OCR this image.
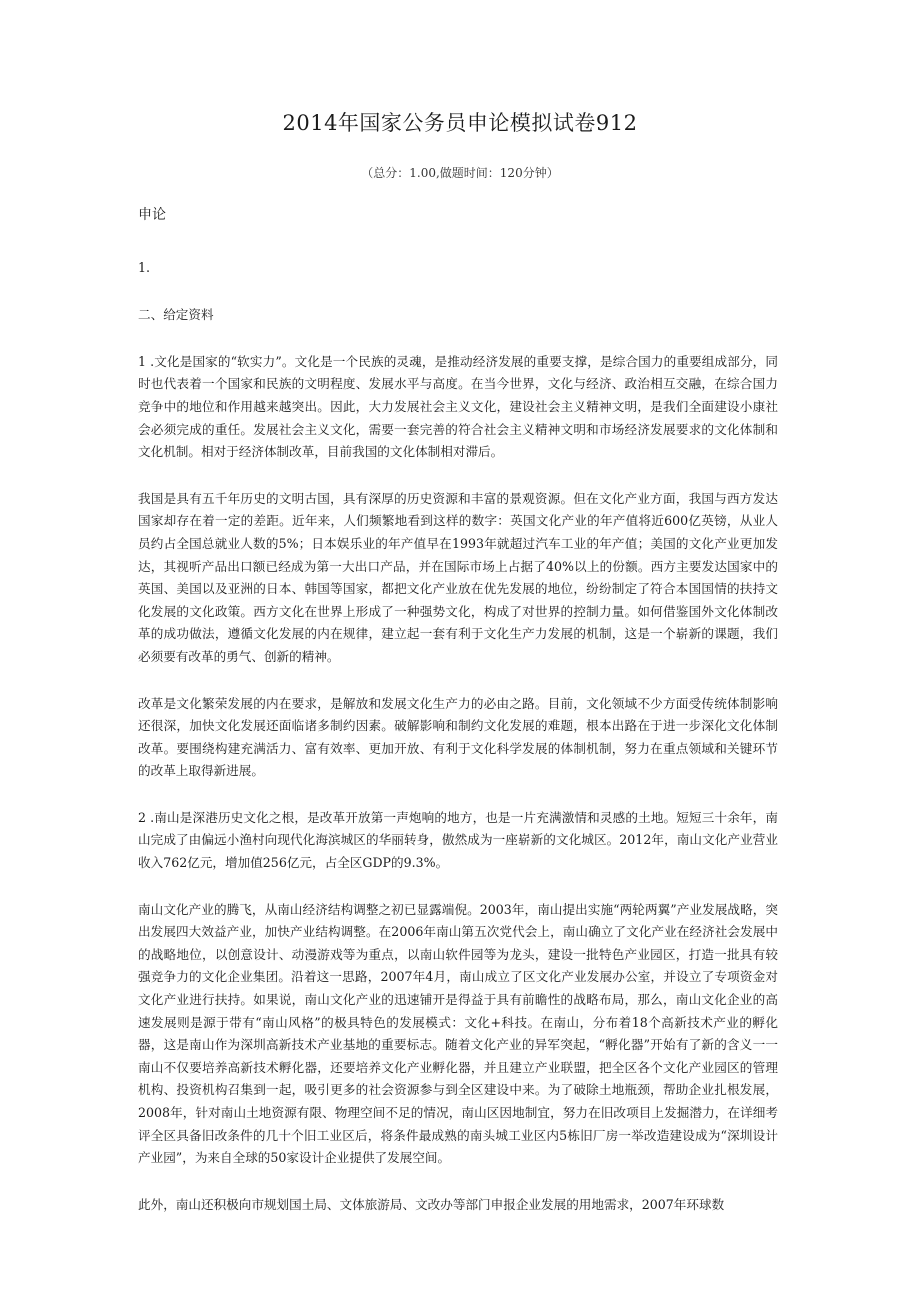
2014年国家公务员申论模拟试卷912
（总分：1.00,做题时间：120分钟）

申论

1.

二、给定资料

1 .文化是国家的“软实力”。文化是一个民族的灵魂，是推动经济发展的重要支撑，是综合国力的重要组成部分，同时也代表着一个国家和民族的文明程度、发展水平与高度。在当今世界，文化与经济、政治相互交融，在综合国力竞争中的地位和作用越来越突出。因此，大力发展社会主义文化，建设社会主义精神文明，是我们全面建设小康社会必须完成的重任。发展社会主义文化，需要一套完善的符合社会主义精神文明和市场经济发展要求的文化体制和文化机制。相对于经济体制改革，目前我国的文化体制相对滞后。

我国是具有五千年历史的文明古国，具有深厚的历史资源和丰富的景观资源。但在文化产业方面，我国与西方发达国家却存在着一定的差距。近年来，人们频繁地看到这样的数字：英国文化产业的年产值将近600亿英镑，从业人员约占全国总就业人数的5%；日本娱乐业的年产值早在1993年就超过汽车工业的年产值；美国的文化产业更加发达，其视听产品出口额已经成为第一大出口产品，并在国际市场上占据了40%以上的份额。西方主要发达国家中的英国、美国以及亚洲的日本、韩国等国家，都把文化产业放在优先发展的地位，纷纷制定了符合本国国情的扶持文化发展的文化政策。西方文化在世界上形成了一种强势文化，构成了对世界的控制力量。如何借鉴国外文化体制改革的成功做法，遵循文化发展的内在规律，建立起一套有利于文化生产力发展的机制，这是一个崭新的课题，我们必须要有改革的勇气、创新的精神。

改革是文化繁荣发展的内在要求，是解放和发展文化生产力的必由之路。目前，文化领域不少方面受传统体制影响还很深，加快文化发展还面临诸多制约因素。破解影响和制约文化发展的难题，根本出路在于进一步深化文化体制改革。要围绕构建充满活力、富有效率、更加开放、有利于文化科学发展的体制机制，努力在重点领域和关键环节的改革上取得新进展。

2 .南山是深港历史文化之根，是改革开放第一声炮响的地方，也是一片充满激情和灵感的土地。短短三十余年，南山完成了由偏远小渔村向现代化海滨城区的华丽转身，傲然成为一座崭新的文化城区。2012年，南山文化产业营业收入762亿元，增加值256亿元，占全区GDP的9.3%。

南山文化产业的腾飞，从南山经济结构调整之初已显露端倪。2003年，南山提出实施“两轮两翼”产业发展战略，突出发展四大效益产业，加快产业结构调整。在2006年南山第五次党代会上，南山确立了文化产业在经济社会发展中的战略地位，以创意设计、动漫游戏等为重点，以南山软件园等为龙头，建设一批特色产业园区，打造一批具有较强竞争力的文化企业集团。沿着这一思路，2007年4月，南山成立了区文化产业发展办公室，并设立了专项资金对文化产业进行扶持。如果说，南山文化产业的迅速铺开是得益于具有前瞻性的战略布局，那么，南山文化企业的高速发展则是源于带有“南山风格”的极具特色的发展模式：文化+科技。在南山，分布着18个高新技术产业的孵化器，这是南山作为深圳高新技术产业基地的重要标志。随着文化产业的异军突起，“孵化器”开始有了新的含义一一南山不仅要培养高新技术孵化器，还要培养文化产业孵化器，并且建立产业联盟，把全区各个文化产业园区的管理机构、投资机构召集到一起，吸引更多的社会资源参与到全区建设中来。为了破除土地瓶颈，帮助企业扎根发展，2008年，针对南山土地资源有限、物理空间不足的情况，南山区因地制宜，努力在旧改项目上发掘潜力，在详细考评全区具备旧改条件的几十个旧工业区后，将条件最成熟的南头城工业区内5栋旧厂房一举改造建设成为“深圳设计产业园”，为来自全球的50家设计企业提供了发展空间。

此外，南山还积极向市规划国土局、文体旅游局、文改办等部门申报企业发展的用地需求，2007年环球数
